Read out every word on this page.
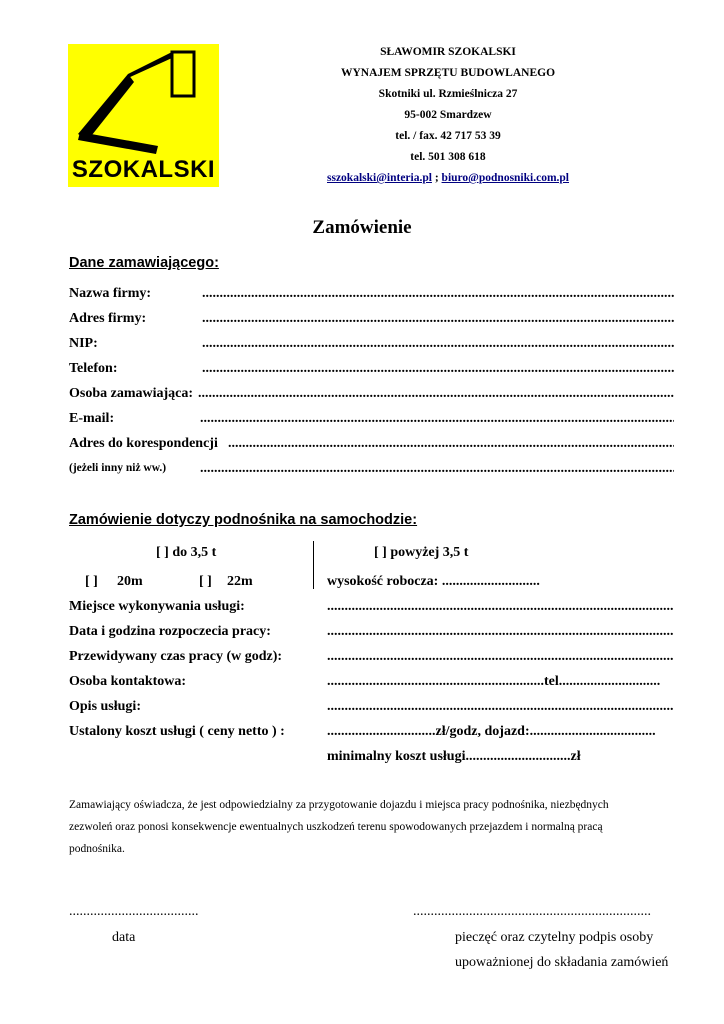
SZOKALSKI
SŁAWOMIR SZOKALSKI
WYNAJEM SPRZĘTU BUDOWLANEGO
Skotniki ul. Rzmieślnicza 27
95-002 Smardzew
tel. / fax. 42 717 53 39
tel. 501 308 618
sszokalski@interia.pl ; biuro@podnosniki.com.pl
Zamówienie
Dane zamawiającego:
Nazwa firmy:
.....
Adres firmy:
.....
NIP:
.....
Telefon:
.....
Osoba zamawiająca:
.....
E-mail:
.....
Adres do korespondencji
.....
(jeżeli inny niż ww.)
.....
Zamówienie dotyczy podnośnika na samochodzie:
[ ] do 3,5 t	[ ] powyżej 3,5 t
[ ] 20m	[ ] 22m	wysokość robocza: ............................
Miejsce wykonywania usługi:
.....
Data i godzina rozpoczecia pracy:
.....
Przewidywany czas pracy (w godz):
.....
Osoba kontaktowa:	..............................................................tel.............................
Opis usługi:
.....
Ustalony koszt usługi ( ceny netto ) :	...............................zł/godz, dojazd:....................................
minimalny koszt usługi..............................zł
Zamawiający oświadcza, że jest odpowiedzialny za przygotowanie dojazdu i miejsca pracy podnośnika, niezbędnych
zezwoleń oraz ponosi konsekwencje ewentualnych uszkodzeń terenu spowodowanych przejazdem i normalną pracą
podnośnika.
.....................................
data
....................................................................
pieczęć oraz czytelny podpis osoby
upoważnionej do składania zamówień
